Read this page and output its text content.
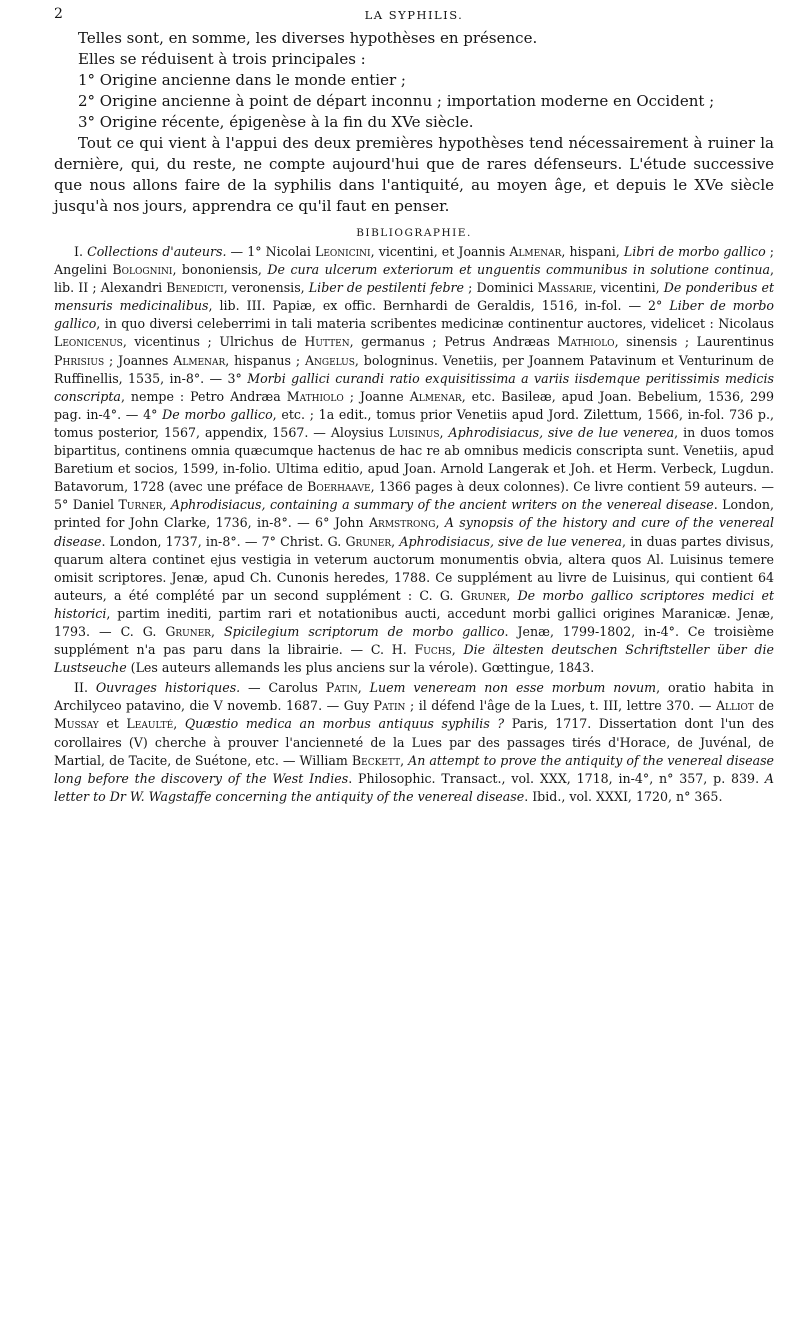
2	LA SYPHILIS.

Telles sont, en somme, les diverses hypothèses en présence.

Elles se réduisent à trois principales :

1° Origine ancienne dans le monde entier ;

2° Origine ancienne à point de départ inconnu ; importation moderne en Occident ;

3° Origine récente, épigenèse à la fin du XVe siècle.

Tout ce qui vient à l'appui des deux premières hypothèses tend nécessairement à ruiner la dernière, qui, du reste, ne compte aujourd'hui que de rares défenseurs. L'étude successive que nous allons faire de la syphilis dans l'antiquité, au moyen âge, et depuis le XVe siècle jusqu'à nos jours, apprendra ce qu'il faut en penser.

BIBLIOGRAPHIE.

I. Collections d'auteurs. — 1° Nicolai Leonicini, vicentini, et Joannis Almenar, hispani, Libri de morbo gallico ; Angelini Bolognini, bononiensis, De cura ulcerum exteriorum et unguentis communibus in solutione continua, lib. II ; Alexandri Benedicti, veronensis, Liber de pestilenti febre ; Dominici Massarie, vicentini, De ponderibus et mensuris medicinalibus, lib. III. Papiæ, ex offic. Bernhardi de Geraldis, 1516, in-fol. — 2° Liber de morbo gallico, in quo diversi celeberrimi in tali materia scribentes medicinæ continentur auctores, videlicet : Nicolaus Leonicenus, vicentinus ; Ulrichus de Hutten, germanus ; Petrus Andræas Mathiolo, sinensis ; Laurentinus Phrisius ; Joannes Almenar, hispanus ; Angelus, bologninus. Venetiis, per Joannem Patavinum et Venturinum de Ruffinellis, 1535, in-8°. — 3° Morbi gallici curandi ratio exquisitissima a variis iisdemque peritissimis medicis conscripta, nempe : Petro Andræa Mathiolo ; Joanne Almenar, etc. Basileæ, apud Joan. Bebelium, 1536, 299 pag. in-4°. — 4° De morbo gallico, etc. ; 1a edit., tomus prior Venetiis apud Jord. Zilettum, 1566, in-fol. 736 p., tomus posterior, 1567, appendix, 1567. — Aloysius Luisinus, Aphrodisiacus, sive de lue venerea, in duos tomos bipartitus, continens omnia quæcumque hactenus de hac re ab omnibus medicis conscripta sunt. Venetiis, apud Baretium et socios, 1599, in-folio. Ultima editio, apud Joan. Arnold Langerak et Joh. et Herm. Verbeck, Lugdun. Batavorum, 1728 (avec une préface de Boerhaave, 1366 pages à deux colonnes). Ce livre contient 59 auteurs. — 5° Daniel Turner, Aphrodisiacus, containing a summary of the ancient writers on the venereal disease. London, printed for John Clarke, 1736, in-8°. — 6° John Armstrong, A synopsis of the history and cure of the venereal disease. London, 1737, in-8°. — 7° Christ. G. Gruner, Aphrodisiacus, sive de lue venerea, in duas partes divisus, quarum altera continet ejus vestigia in veterum auctorum monumentis obvia, altera quos Al. Luisinus temere omisit scriptores. Jenæ, apud Ch. Cunonis heredes, 1788. Ce supplément au livre de Luisinus, qui contient 64 auteurs, a été complété par un second supplément : C. G. Gruner, De morbo gallico scriptores medici et historici, partim inediti, partim rari et notationibus aucti, accedunt morbi gallici origines Maranicæ. Jenæ, 1793. — C. G. Gruner, Spicilegium scriptorum de morbo gallico. Jenæ, 1799-1802, in-4°. Ce troisième supplément n'a pas paru dans la librairie. — C. H. Fuchs, Die ältesten deutschen Schriftsteller über die Lustseuche (Les auteurs allemands les plus anciens sur la vérole). Gœttingue, 1843.

II. Ouvrages historiques. — Carolus Patin, Luem veneream non esse morbum novum, oratio habita in Archilyceo patavino, die V novemb. 1687. — Guy Patin ; il défend l'âge de la Lues, t. III, lettre 370. — Alliot de Mussay et Leaulté, Quæstio medica an morbus antiquus syphilis ? Paris, 1717. Dissertation dont l'un des corollaires (V) cherche à prouver l'ancienneté de la Lues par des passages tirés d'Horace, de Juvénal, de Martial, de Tacite, de Suétone, etc. — William Beckett, An attempt to prove the antiquity of the venereal disease long before the discovery of the West Indies. Philosophic. Transact., vol. XXX, 1718, in-4°, n° 357, p. 839. A letter to Dr W. Wagstaffe concerning the antiquity of the venereal disease. Ibid., vol. XXXI, 1720, n° 365.
